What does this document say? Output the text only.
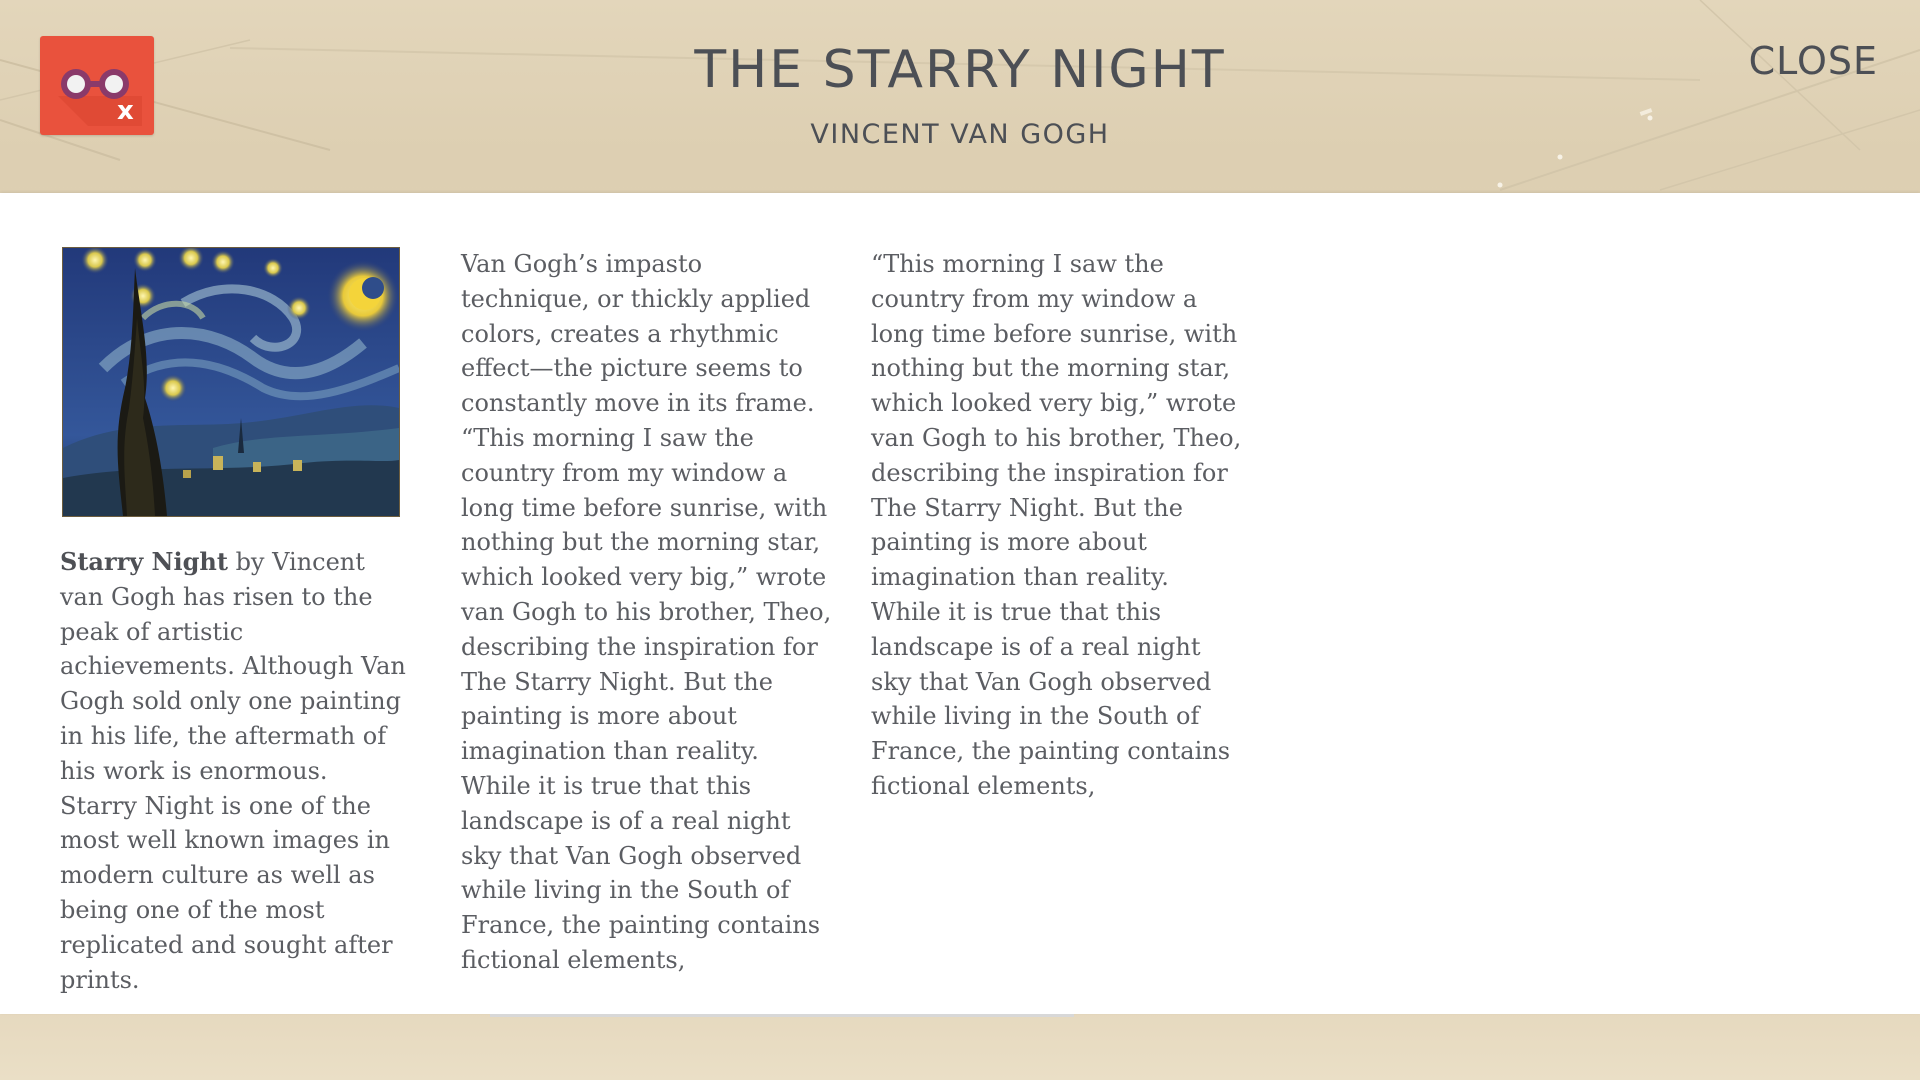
x
THE STARRY NIGHT
VINCENT VAN GOGH
CLOSE

Starry Night by Vincent van Gogh has risen to the peak of artistic achievements. Although Van Gogh sold only one painting in his life, the aftermath of his work is enormous. Starry Night is one of the most well known images in modern culture as well as being one of the most replicated and sought after prints.

Van Gogh’s impasto technique, or thickly applied colors, creates a rhythmic effect—the picture seems to constantly move in its frame. “This morning I saw the country from my window a long time before sunrise, with nothing but the morning star, which looked very big,” wrote van Gogh to his brother, Theo, describing the inspiration for The Starry Night. But the painting is more about imagination than reality. While it is true that this landscape is of a real night sky that Van Gogh observed while living in the South of France, the painting contains fictional elements,

“This morning I saw the country from my window a long time before sunrise, with nothing but the morning star, which looked very big,” wrote van Gogh to his brother, Theo, describing the inspiration for The Starry Night. But the painting is more about imagination than reality. While it is true that this landscape is of a real night sky that Van Gogh observed while living in the South of France, the painting contains fictional elements,
